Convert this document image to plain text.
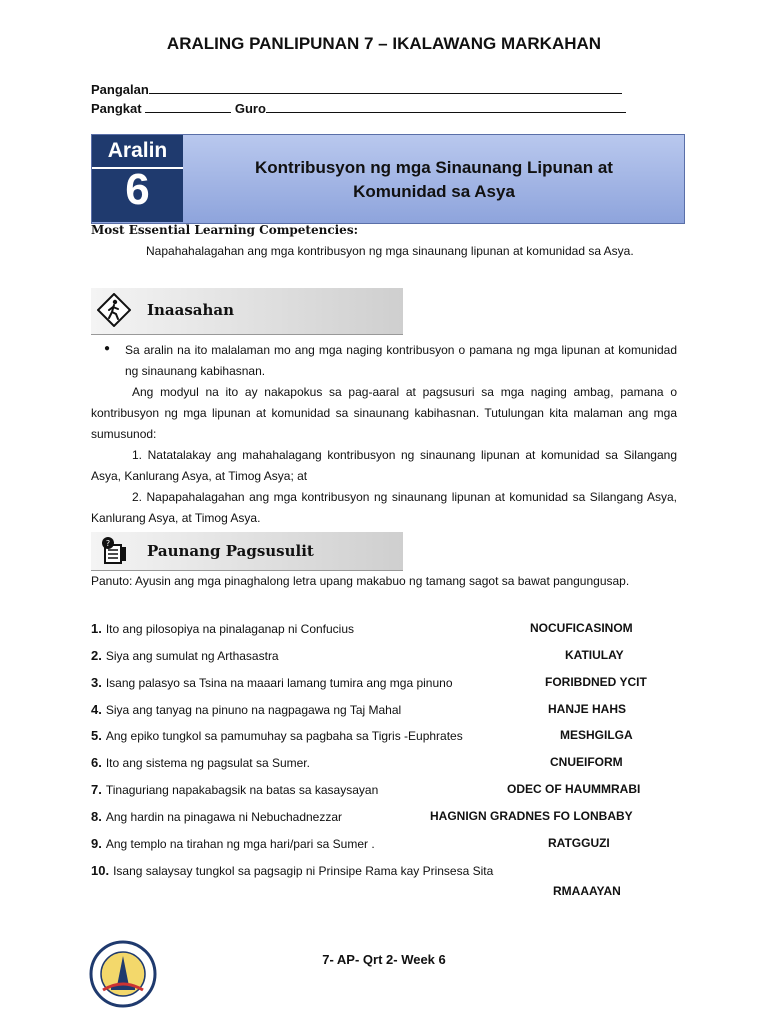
ARALING PANLIPUNAN 7 – IKALAWANG MARKAHAN
Pangalan
Pangkat	Guro
Aralin
6	Kontribusyon ng mga Sinaunang Lipunan at
Komunidad sa Asya
Most Essential Learning Competencies:
Napahahalagahan ang mga kontribusyon ng mga sinaunang lipunan at komunidad sa Asya.
Inaasahan
● Sa aralin na ito malalaman mo ang mga naging kontribusyon o pamana ng mga lipunan at komunidad ng sinaunang kabihasnan.
Ang modyul na ito ay nakapokus sa pag-aaral at pagsusuri sa mga naging ambag, pamana o kontribusyon ng mga lipunan at komunidad sa sinaunang kabihasnan. Tutulungan kita malaman ang mga sumusunod:
1. Natatalakay ang mahahalagang kontribusyon ng sinaunang lipunan at komunidad sa Silangang Asya, Kanlurang Asya, at Timog Asya; at
2. Napapahalagahan ang mga kontribusyon ng sinaunang lipunan at komunidad sa Silangang Asya, Kanlurang Asya, at Timog Asya.
? Paunang Pagsusulit
Panuto: Ayusin ang mga pinaghalong letra upang makabuo ng tamang sagot sa bawat pangungusap.
1. Ito ang pilosopiya na pinalaganap ni Confucius	NOCUFICASINOM
2. Siya ang sumulat ng Arthasastra	KATIULAY
3. Isang palasyo sa Tsina na maaari lamang tumira ang mga pinuno	FORIBDNED YCIT
4. Siya ang tanyag na pinuno na nagpagawa ng Taj Mahal	HANJE HAHS
5. Ang epiko tungkol sa pamumuhay sa pagbaha sa Tigris -Euphrates	MESHGILGA
6. Ito ang sistema ng pagsulat sa Sumer.	CNUEIFORM
7. Tinaguriang napakabagsik na batas sa kasaysayan	ODEC OF HAUMMRABI
8. Ang hardin na pinagawa ni Nebuchadnezzar	HAGNIGN GRADNES FO LONBABY
9. Ang templo na tirahan ng mga hari/pari sa Sumer .	RATGGUZI
10. Isang salaysay tungkol sa pagsagip ni Prinsipe Rama kay Prinsesa Sita
RMAAAYAN
7- AP- Qrt 2- Week 6
